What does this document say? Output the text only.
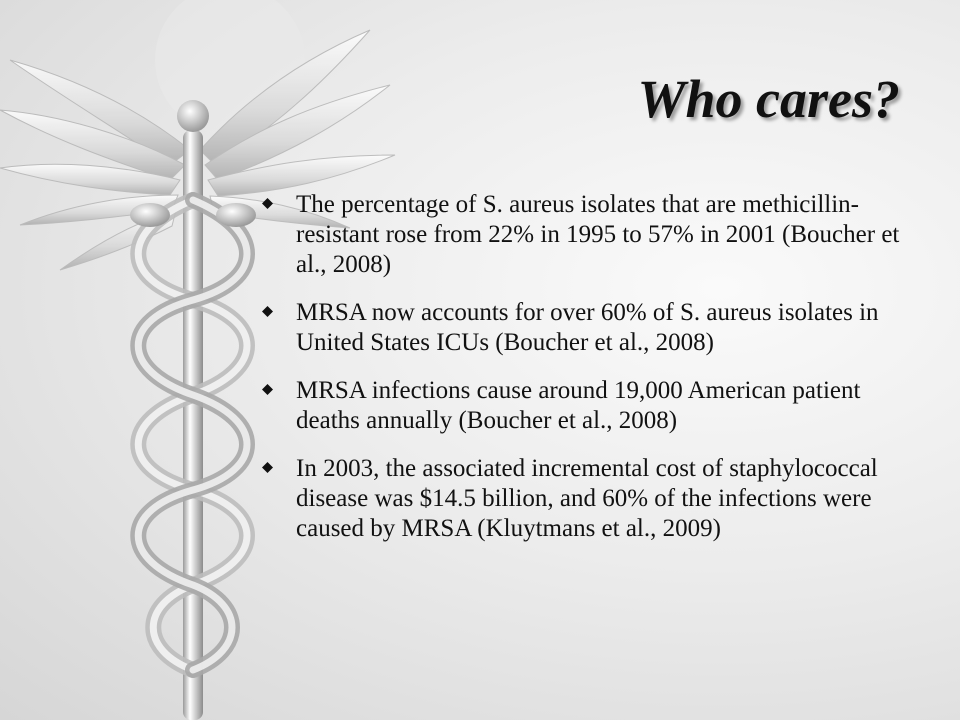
Who cares?
The percentage of S. aureus isolates that are methicillin-resistant rose from 22% in 1995 to 57% in 2001 (Boucher et al., 2008)
MRSA now accounts for over 60% of S. aureus isolates in United States ICUs (Boucher et al., 2008)
MRSA infections cause around 19,000 American patient deaths annually (Boucher et al., 2008)
In 2003, the associated incremental cost of staphylococcal disease was $14.5 billion, and 60% of the infections were caused by MRSA (Kluytmans et al., 2009)
